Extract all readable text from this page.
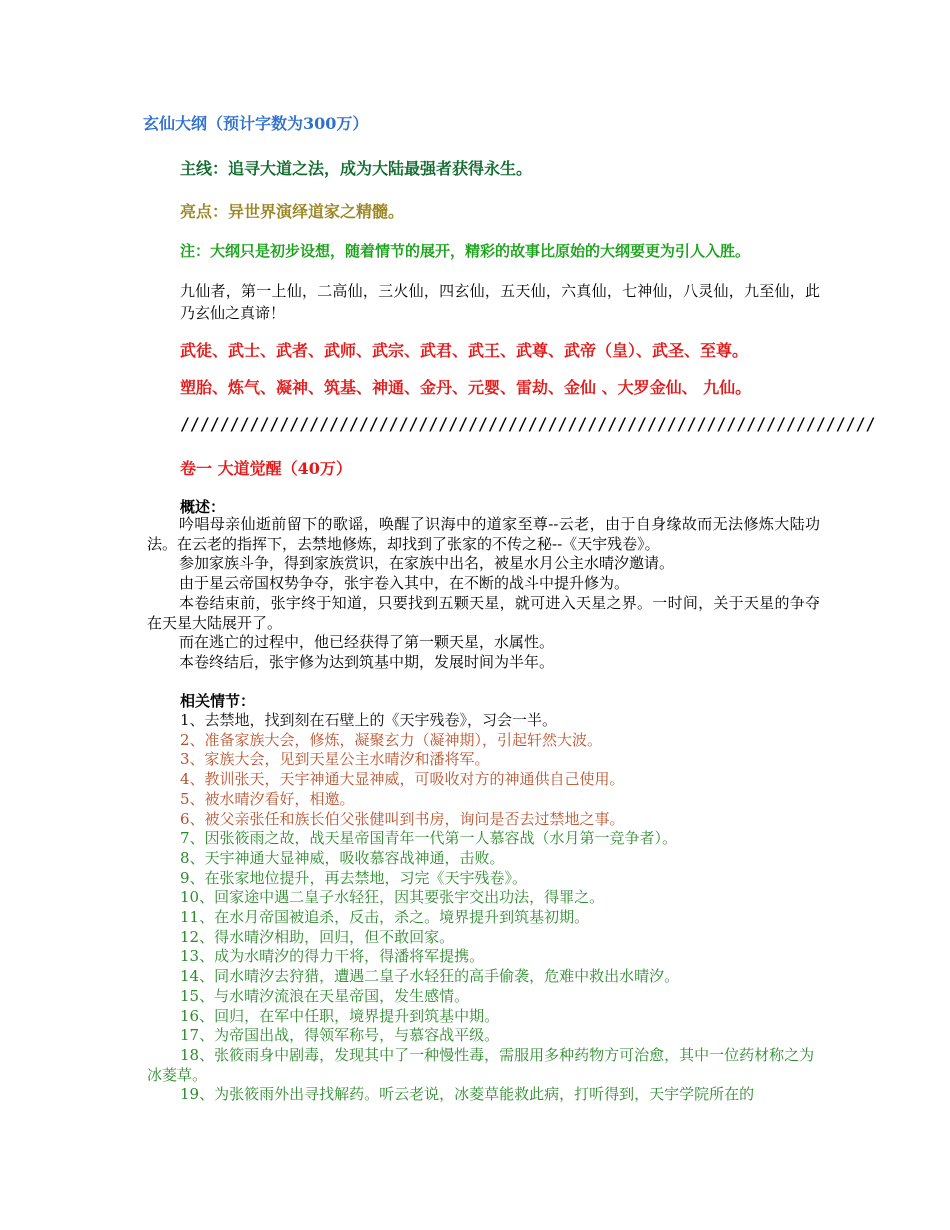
玄仙大纲（预计字数为300万）
主线：追寻大道之法，成为大陆最强者获得永生。
亮点：异世界演绎道家之精髓。
注：大纲只是初步设想，随着情节的展开，精彩的故事比原始的大纲要更为引人入胜。
九仙者，第一上仙，二高仙，三火仙，四玄仙，五天仙，六真仙，七神仙，八灵仙，九至仙，此乃玄仙之真谛！
武徒、武士、武者、武师、武宗、武君、武王、武尊、武帝（皇）、武圣、至尊。
塑胎、炼气、凝神、筑基、神通、金丹、元婴、雷劫、金仙 、大罗金仙、 九仙。
//////////////////////////////////////////////////////////////////////
卷一 大道觉醒（40万）
概述：
吟唱母亲仙逝前留下的歌谣，唤醒了识海中的道家至尊--云老，由于自身缘故而无法修炼大陆功法。在云老的指挥下，去禁地修炼，却找到了张家的不传之秘--《天宇残卷》。
参加家族斗争，得到家族赏识，在家族中出名，被星水月公主水晴汐邀请。
由于星云帝国权势争夺，张宇卷入其中，在不断的战斗中提升修为。
本卷结束前，张宇终于知道，只要找到五颗天星，就可进入天星之界。一时间，关于天星的争夺在天星大陆展开了。
而在逃亡的过程中，他已经获得了第一颗天星，水属性。
本卷终结后，张宇修为达到筑基中期，发展时间为半年。
相关情节：
1、去禁地，找到刻在石壁上的《天宇残卷》，习会一半。
2、准备家族大会，修炼，凝聚玄力（凝神期），引起轩然大波。
3、家族大会，见到天星公主水晴汐和潘将军。
4、教训张天，天宇神通大显神威，可吸收对方的神通供自己使用。
5、被水晴汐看好，相邀。
6、被父亲张任和族长伯父张健叫到书房，询问是否去过禁地之事。
7、因张筱雨之故，战天星帝国青年一代第一人慕容战（水月第一竞争者）。
8、天宇神通大显神威，吸收慕容战神通，击败。
9、在张家地位提升，再去禁地，习完《天宇残卷》。
10、回家途中遇二皇子水轻狂，因其要张宇交出功法，得罪之。
11、在水月帝国被追杀，反击，杀之。境界提升到筑基初期。
12、得水晴汐相助，回归，但不敢回家。
13、成为水晴汐的得力干将，得潘将军提携。
14、同水晴汐去狩猎，遭遇二皇子水轻狂的高手偷袭，危难中救出水晴汐。
15、与水晴汐流浪在天星帝国，发生感情。
16、回归，在军中任职，境界提升到筑基中期。
17、为帝国出战，得领军称号，与慕容战平级。
18、张筱雨身中剧毒，发现其中了一种慢性毒，需服用多种药物方可治愈，其中一位药材称之为冰菱草。
19、为张筱雨外出寻找解药。听云老说，冰菱草能救此病，打听得到，天宇学院所在的
